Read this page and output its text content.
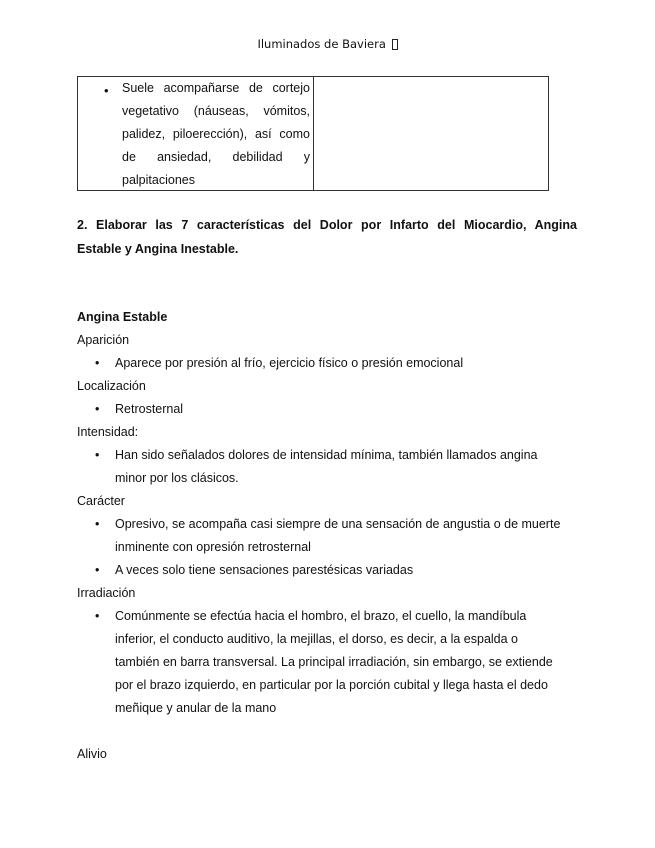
Iluminados de Baviera
• Suele acompañarse de cortejo
vegetativo (náuseas, vómitos,
palidez, piloerección), así como
de ansiedad, debilidad y
palpitaciones
2. Elaborar las 7 características del Dolor por Infarto del Miocardio, Angina
Estable y Angina Inestable.
Angina Estable
Aparición
• Aparece por presión al frío, ejercicio físico o presión emocional
Localización
• Retrosternal
Intensidad:
• Han sido señalados dolores de intensidad mínima, también llamados angina
minor por los clásicos.
Carácter
• Opresivo, se acompaña casi siempre de una sensación de angustia o de muerte
inminente con opresión retrosternal
• A veces solo tiene sensaciones parestésicas variadas
Irradiación
• Comúnmente se efectúa hacia el hombro, el brazo, el cuello, la mandíbula
inferior, el conducto auditivo, la mejillas, el dorso, es decir, a la espalda o
también en barra transversal. La principal irradiación, sin embargo, se extiende
por el brazo izquierdo, en particular por la porción cubital y llega hasta el dedo
meñique y anular de la mano
Alivio
